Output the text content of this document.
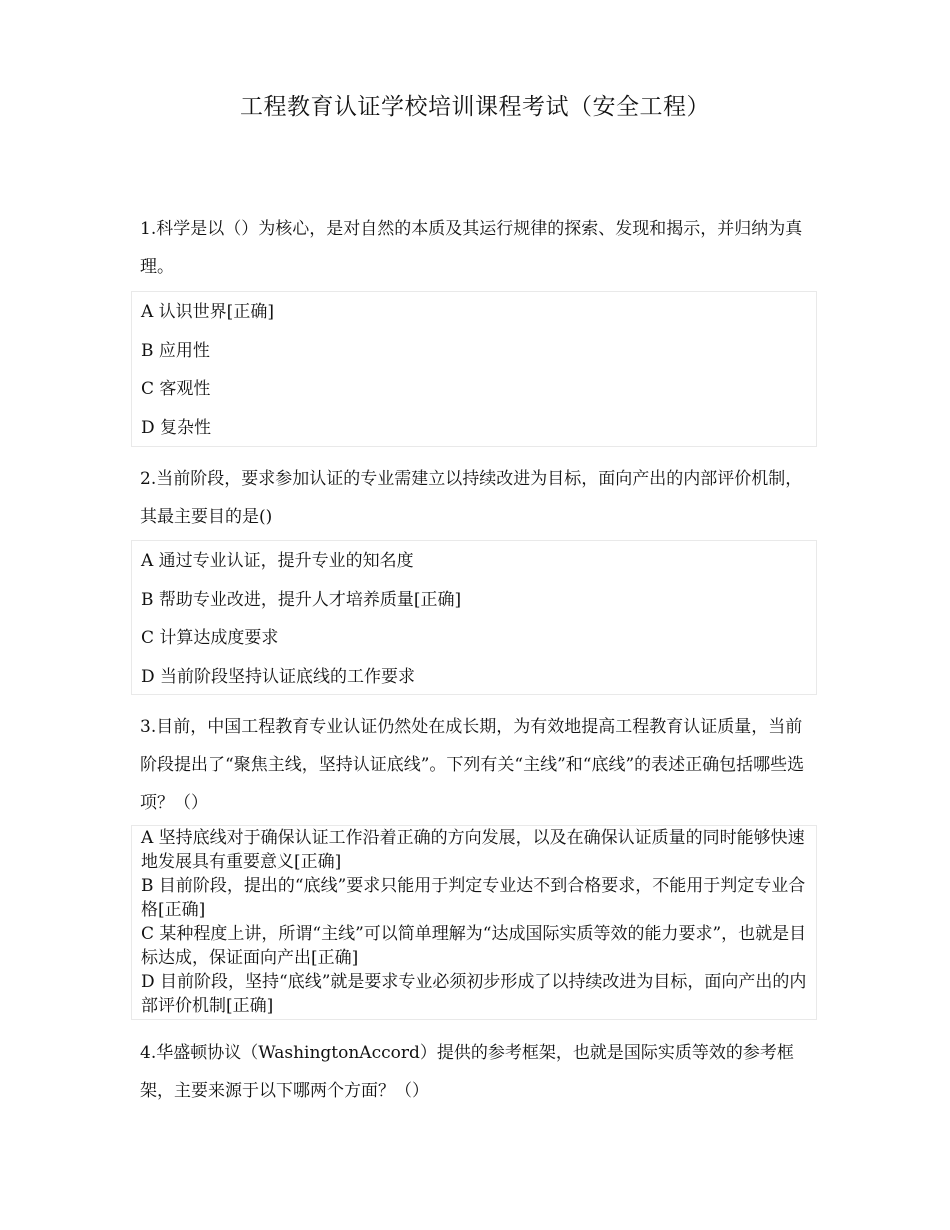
工程教育认证学校培训课程考试（安全工程）
1.科学是以（）为核心，是对自然的本质及其运行规律的探索、发现和揭示，并归纳为真理。
A 认识世界[正确]
B 应用性
C 客观性
D 复杂性
2.当前阶段，要求参加认证的专业需建立以持续改进为目标，面向产出的内部评价机制，其最主要目的是()
A 通过专业认证，提升专业的知名度
B 帮助专业改进，提升人才培养质量[正确]
C 计算达成度要求
D 当前阶段坚持认证底线的工作要求
3.目前，中国工程教育专业认证仍然处在成长期，为有效地提高工程教育认证质量，当前阶段提出了“聚焦主线，坚持认证底线”。下列有关“主线”和“底线”的表述正确包括哪些选项？（）
A 坚持底线对于确保认证工作沿着正确的方向发展，以及在确保认证质量的同时能够快速地发展具有重要意义[正确]
B 目前阶段，提出的“底线”要求只能用于判定专业达不到合格要求，不能用于判定专业合格[正确]
C 某种程度上讲，所谓“主线”可以简单理解为“达成国际实质等效的能力要求”，也就是目标达成，保证面向产出[正确]
D 目前阶段，坚持“底线”就是要求专业必须初步形成了以持续改进为目标，面向产出的内部评价机制[正确]
4.华盛顿协议（WashingtonAccord）提供的参考框架，也就是国际实质等效的参考框架，主要来源于以下哪两个方面？（）
